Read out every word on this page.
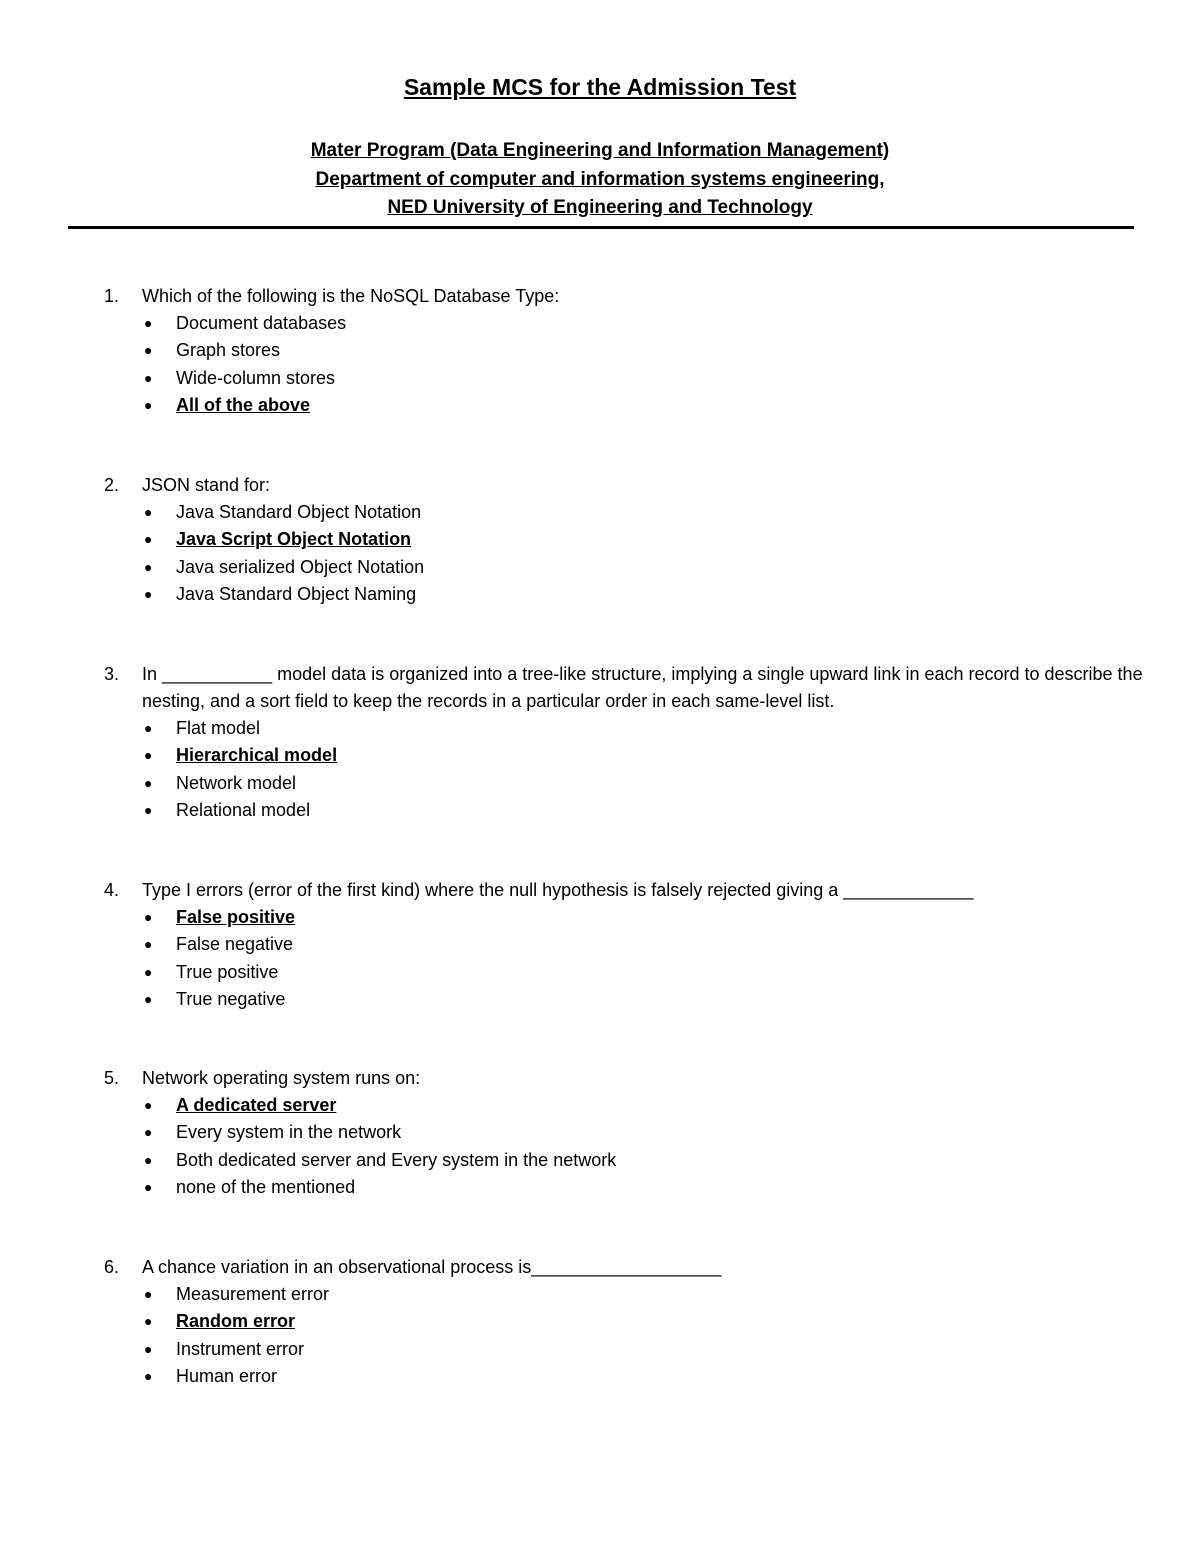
Sample MCS for the Admission Test

Mater Program (Data Engineering and Information Management)

Department of computer and information systems engineering,

NED University of Engineering and Technology

1. Which of the following is the NoSQL Database Type:
● Document databases
● Graph stores
● Wide-column stores
● All of the above
2. JSON stand for:
● Java Standard Object Notation
● Java Script Object Notation
● Java serialized Object Notation
● Java Standard Object Naming
3. In ___________ model data is organized into a tree-like structure, implying a single upward link in each record to describe the nesting, and a sort field to keep the records in a particular order in each same-level list.
● Flat model
● Hierarchical model
● Network model
● Relational model
4. Type I errors (error of the first kind) where the null hypothesis is falsely rejected giving a _____________
● False positive
● False negative
● True positive
● True negative
5. Network operating system runs on:
● A dedicated server
● Every system in the network
● Both dedicated server and Every system in the network
● none of the mentioned
6. A chance variation in an observational process is___________________
● Measurement error
● Random error
● Instrument error
● Human error
